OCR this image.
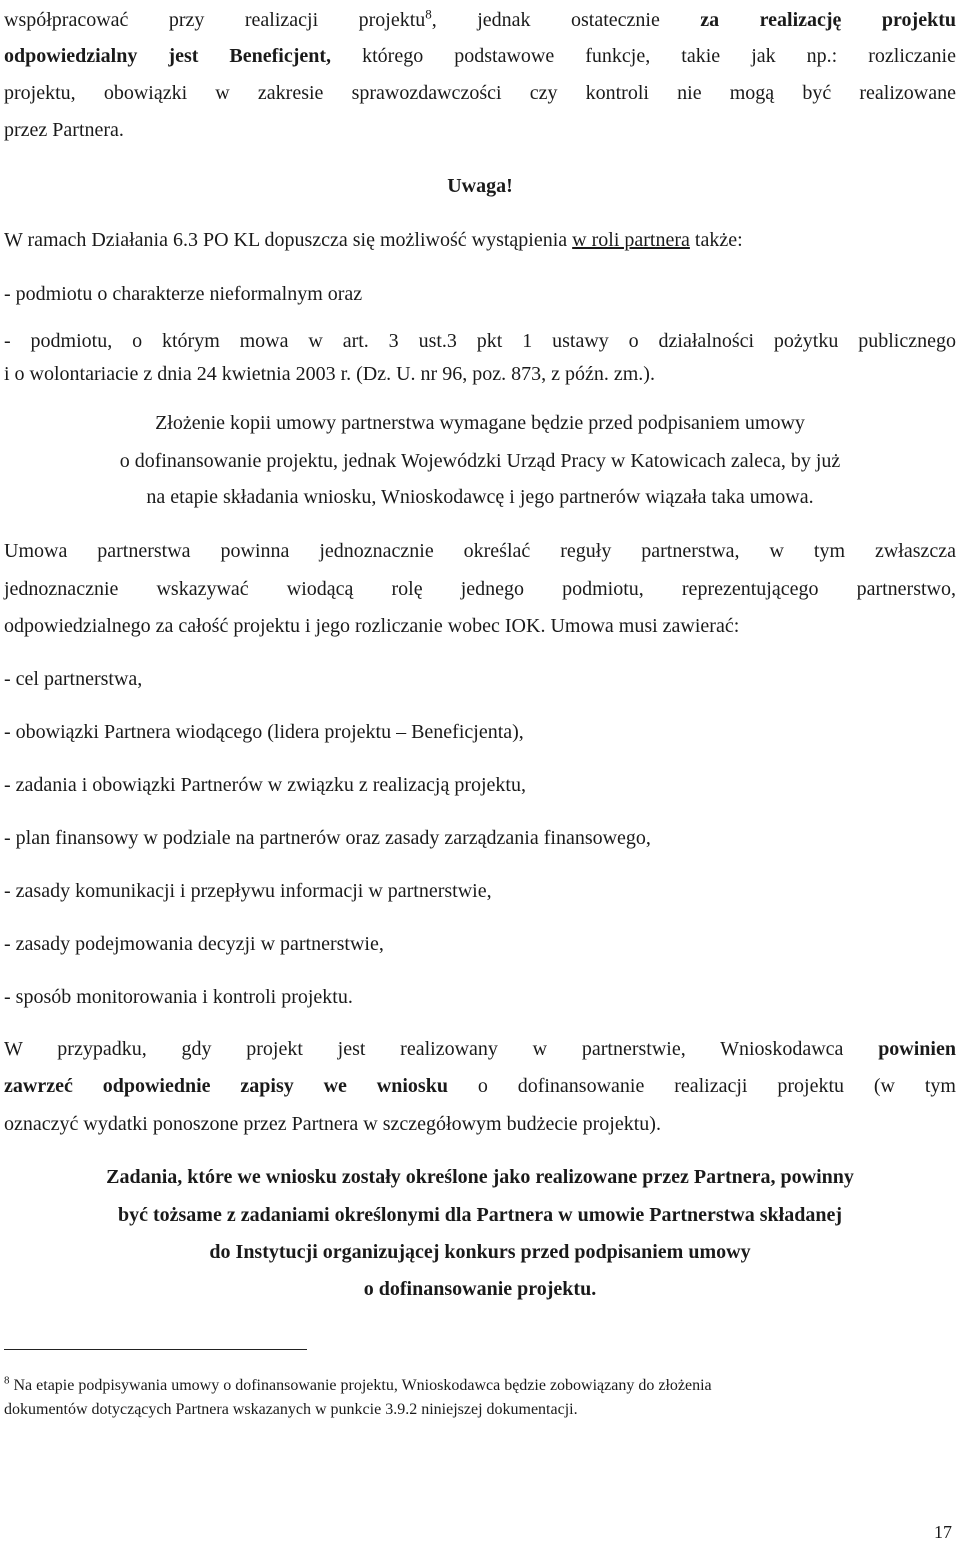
współpracować przy realizacji projektu$^8$, jednak ostatecznie za realizację projektu
odpowiedzialny jest Beneficjent, którego podstawowe funkcje, takie jak np.: rozliczanie
projektu, obowiązki w zakresie sprawozdawczości czy kontroli nie mogą być realizowane
przez Partnera.
Uwaga!
W ramach Działania 6.3 PO KL dopuszcza się możliwość wystąpienia w roli partnera także:
- podmiotu o charakterze nieformalnym oraz
- podmiotu, o którym mowa w art. 3 ust.3 pkt 1 ustawy o działalności pożytku publicznego
i o wolontariacie z dnia 24 kwietnia 2003 r. (Dz. U. nr 96, poz. 873, z późn. zm.).
Złożenie kopii umowy partnerstwa wymagane będzie przed podpisaniem umowy
o dofinansowanie projektu, jednak Wojewódzki Urząd Pracy w Katowicach zaleca, by już
na etapie składania wniosku, Wnioskodawcę i jego partnerów wiązała taka umowa.
Umowa partnerstwa powinna jednoznacznie określać reguły partnerstwa, w tym zwłaszcza
jednoznacznie wskazywać wiodącą rolę jednego podmiotu, reprezentującego partnerstwo,
odpowiedzialnego za całość projektu i jego rozliczanie wobec IOK. Umowa musi zawierać:
- cel partnerstwa,
- obowiązki Partnera wiodącego (lidera projektu – Beneficjenta),
- zadania i obowiązki Partnerów w związku z realizacją projektu,
- plan finansowy w podziale na partnerów oraz zasady zarządzania finansowego,
- zasady komunikacji i przepływu informacji w partnerstwie,
- zasady podejmowania decyzji w partnerstwie,
- sposób monitorowania i kontroli projektu.
W przypadku, gdy projekt jest realizowany w partnerstwie, Wnioskodawca powinien
zawrzeć odpowiednie zapisy we wniosku o dofinansowanie realizacji projektu (w tym
oznaczyć wydatki ponoszone przez Partnera w szczegółowym budżecie projektu).
Zadania, które we wniosku zostały określone jako realizowane przez Partnera, powinny
być tożsame z zadaniami określonymi dla Partnera w umowie Partnerstwa składanej
do Instytucji organizującej konkurs przed podpisaniem umowy
o dofinansowanie projektu.
$^8$ Na etapie podpisywania umowy o dofinansowanie projektu, Wnioskodawca będzie zobowiązany do złożenia
dokumentów dotyczących Partnera wskazanych w punkcie 3.9.2 niniejszej dokumentacji.
17
